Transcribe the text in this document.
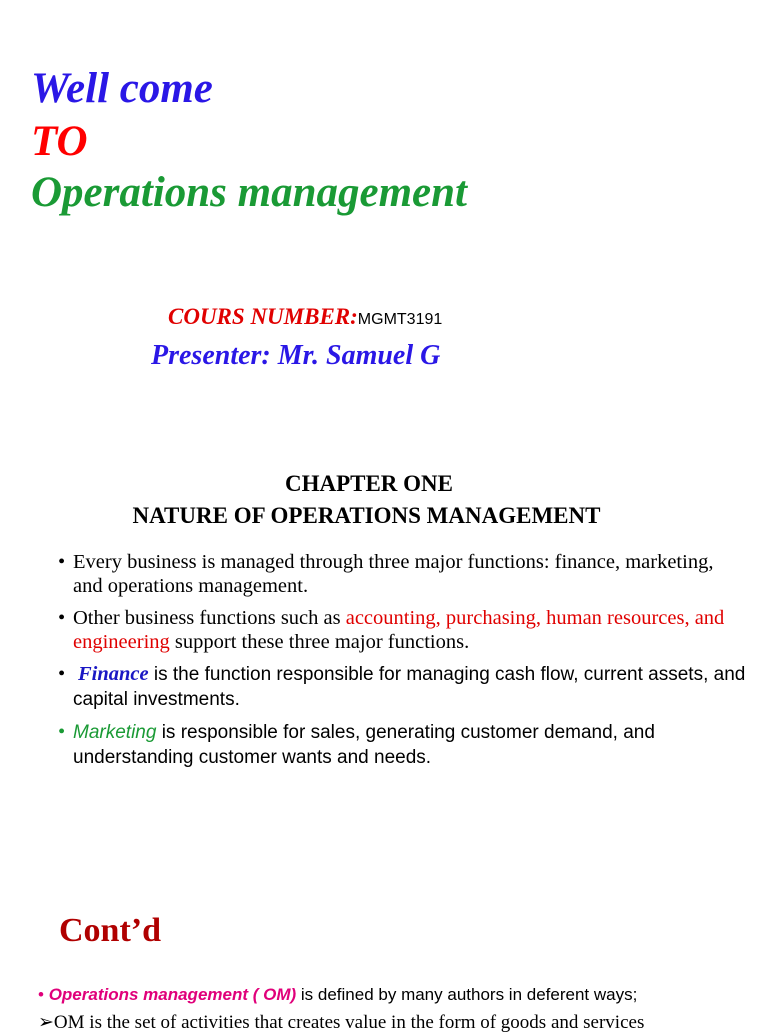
Well come
TO
Operations management
COURS NUMBER:MGMT3191
Presenter: Mr. Samuel G
CHAPTER ONE
NATURE OF OPERATIONS MANAGEMENT
• Every business is managed through three major functions: finance, marketing, and operations management.
• Other business functions such as accounting, purchasing, human resources, and engineering support these three major functions.
• Finance is the function responsible for managing cash flow, current assets, and capital investments.
• Marketing is responsible for sales, generating customer demand, and understanding customer wants and needs.
Cont’d
• Operations management ( OM) is defined by many authors in deferent ways;
➢OM is the set of activities that creates value in the form of goods and services
